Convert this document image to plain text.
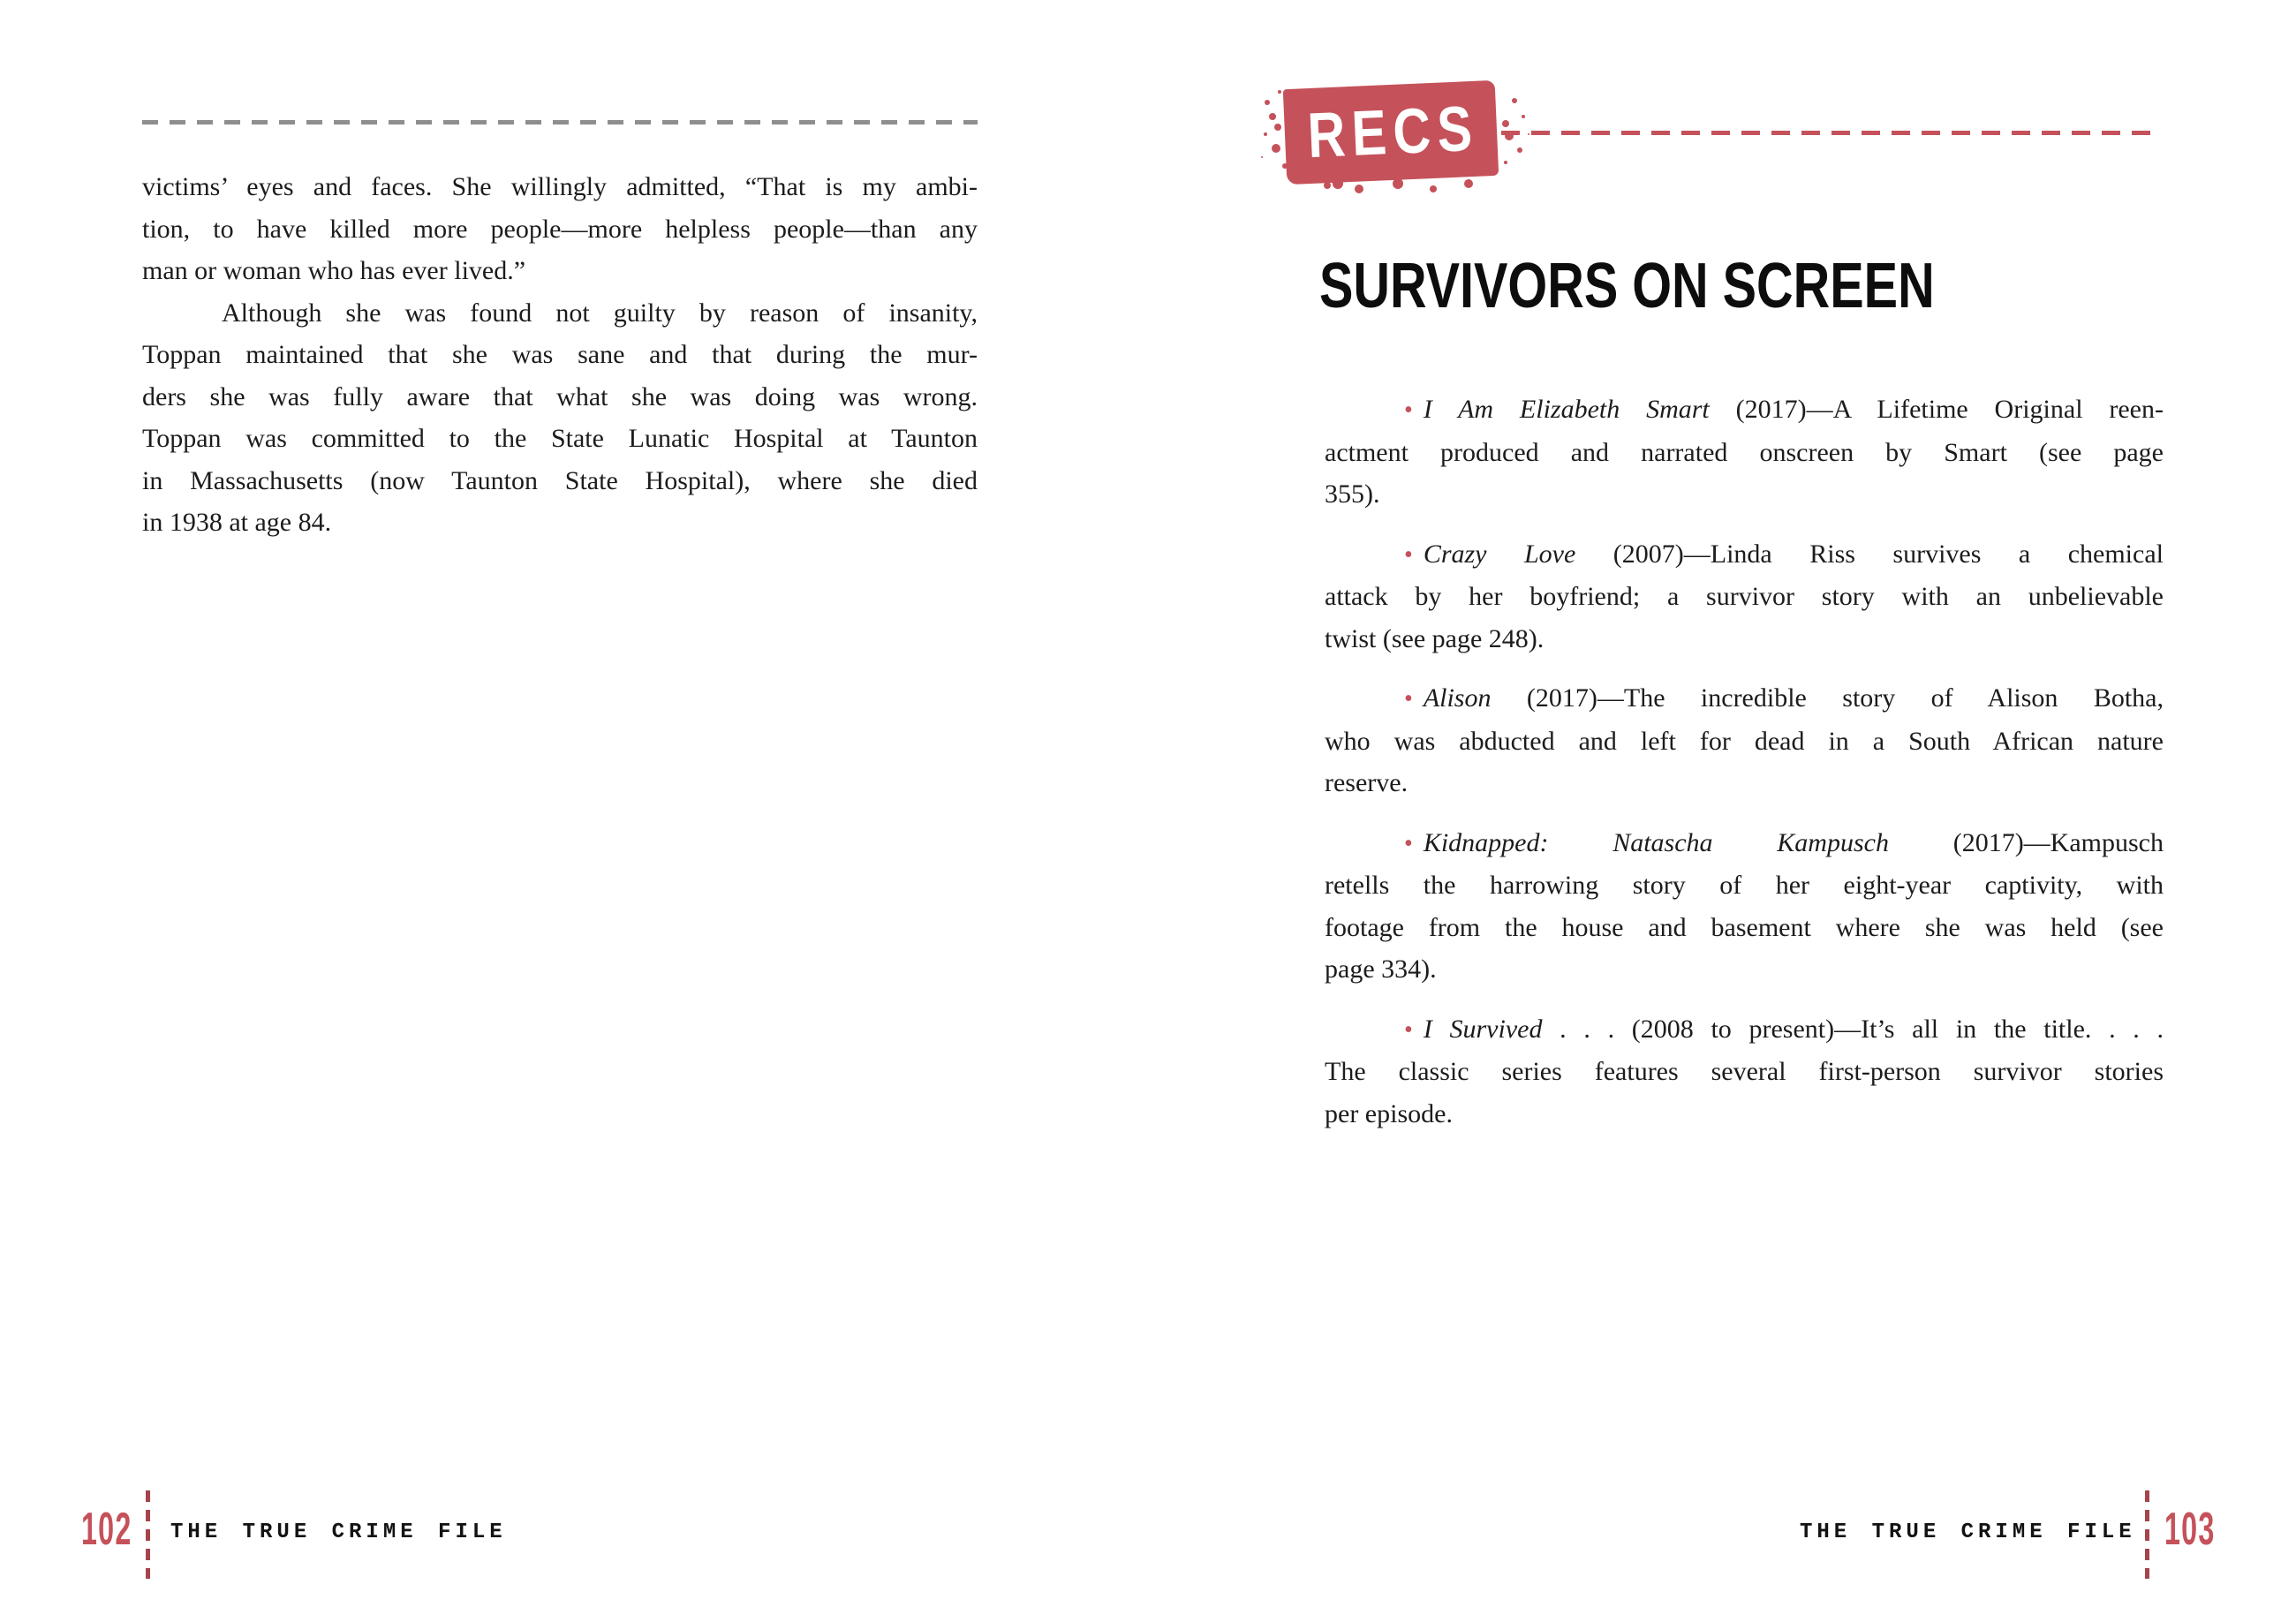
victims’ eyes and faces. She willingly admitted, “That is my ambi-
tion, to have killed more people—more helpless people—than any
man or woman who has ever lived.”
Although she was found not guilty by reason of insanity,
Toppan maintained that she was sane and that during the mur-
ders she was fully aware that what she was doing was wrong.
Toppan was committed to the State Lunatic Hospital at Taunton
in Massachusetts (now Taunton State Hospital), where she died
in 1938 at age 84.
RECS
SURVIVORS ON SCREEN
• I Am Elizabeth Smart (2017)—A Lifetime Original reen-
actment produced and narrated onscreen by Smart (see page
355).
• Crazy Love (2007)—Linda Riss survives a chemical
attack by her boyfriend; a survivor story with an unbelievable
twist (see page 248).
• Alison (2017)—The incredible story of Alison Botha,
who was abducted and left for dead in a South African nature
reserve.
• Kidnapped: Natascha Kampusch (2017)—Kampusch
retells the harrowing story of her eight-year captivity, with
footage from the house and basement where she was held (see
page 334).
• I Survived . . . (2008 to present)—It’s all in the title. . . .
The classic series features several first-person survivor stories
per episode.
102 THE TRUE CRIME FILE	THE TRUE CRIME FILE 103
